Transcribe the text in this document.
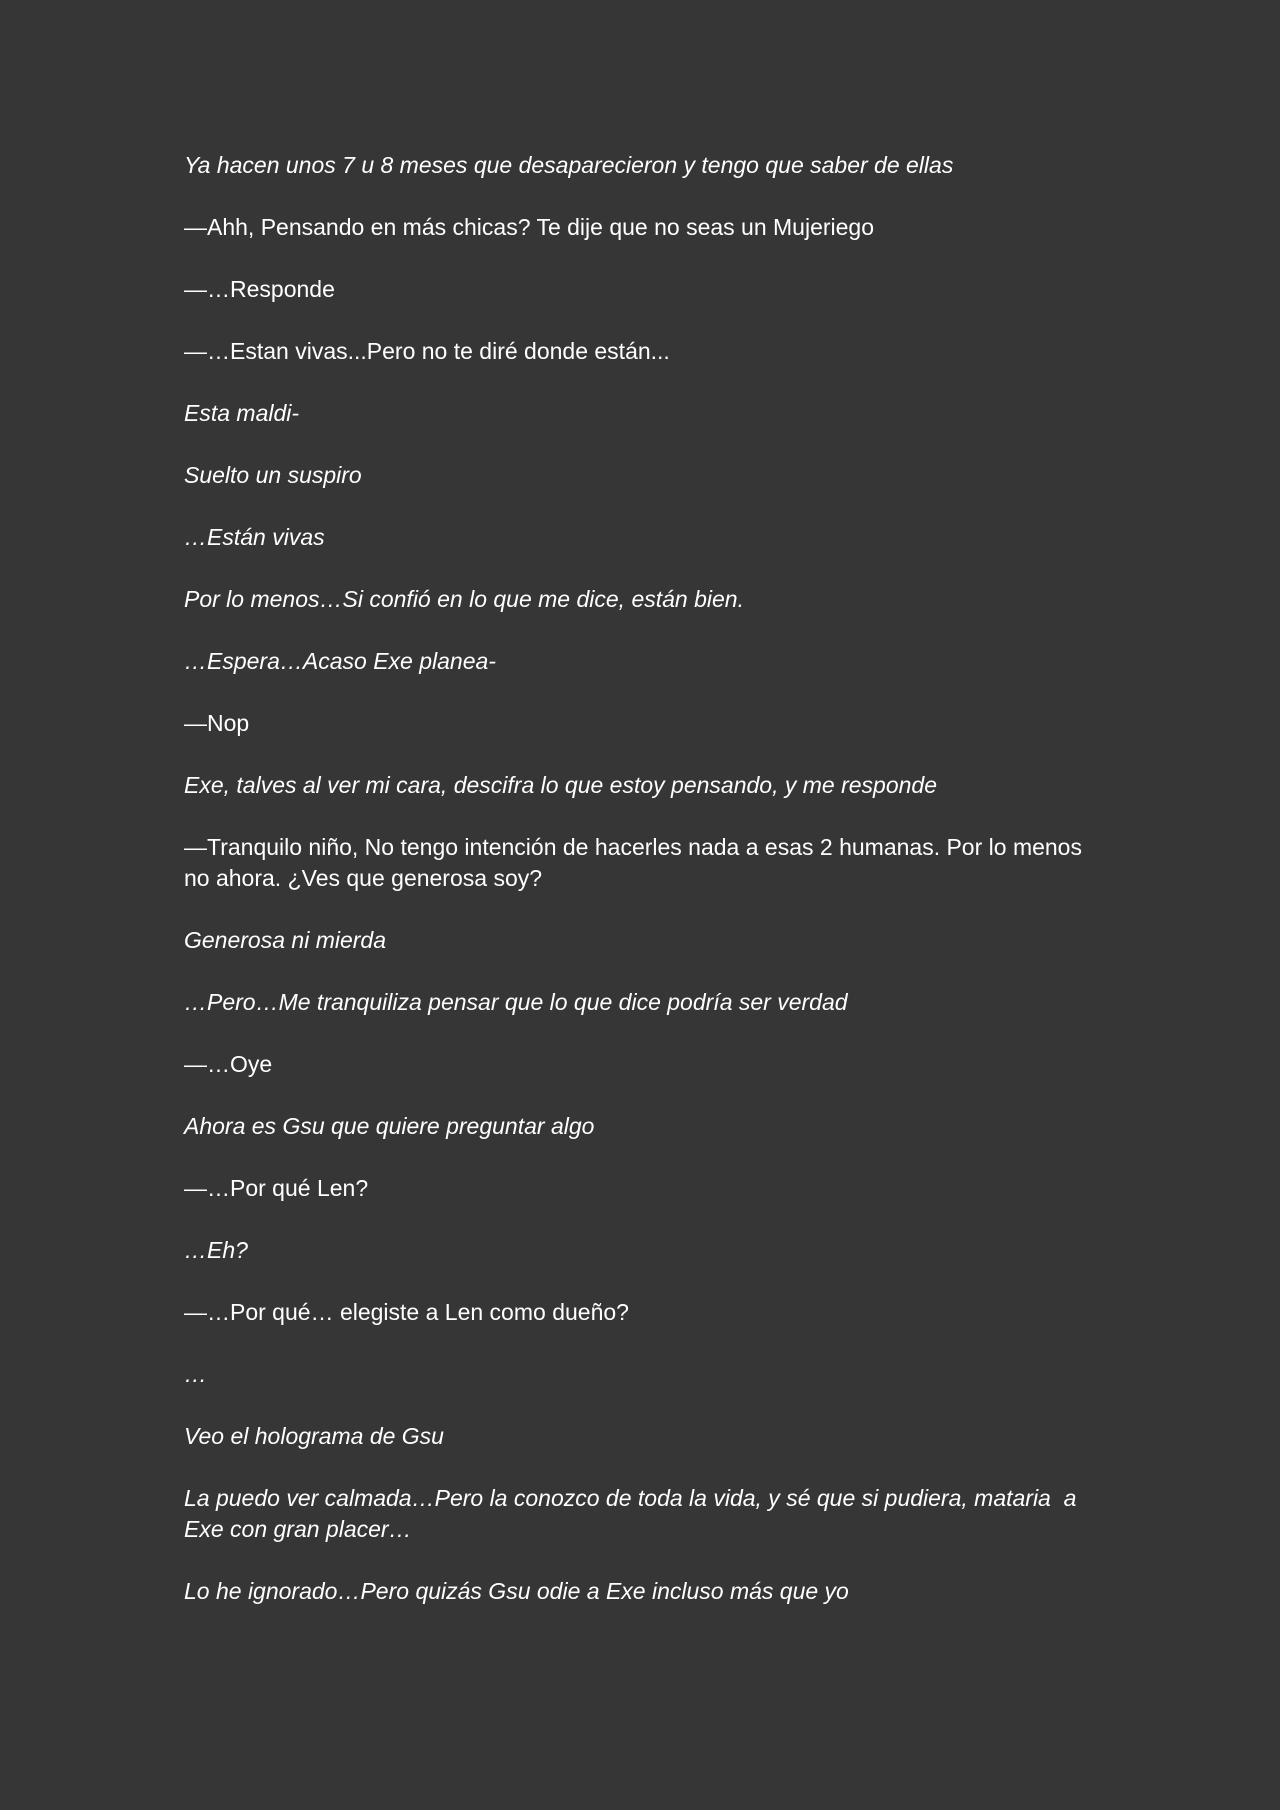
Ya hacen unos 7 u 8 meses que desaparecieron y tengo que saber de ellas

—Ahh, Pensando en más chicas? Te dije que no seas un Mujeriego

—…Responde

—…Estan vivas...Pero no te diré donde están...

Esta maldi-

Suelto un suspiro

…Están vivas

Por lo menos…Si confió en lo que me dice, están bien.

…Espera…Acaso Exe planea-

—Nop

Exe, talves al ver mi cara, descifra lo que estoy pensando, y me responde

—Tranquilo niño, No tengo intención de hacerles nada a esas 2 humanas. Por lo menos no ahora. ¿Ves que generosa soy?

Generosa ni mierda

…Pero…Me tranquiliza pensar que lo que dice podría ser verdad

—…Oye

Ahora es Gsu que quiere preguntar algo

—…Por qué Len?

…Eh?

—…Por qué… elegiste a Len como dueño?

…

Veo el holograma de Gsu

La puedo ver calmada…Pero la conozco de toda la vida, y sé que si pudiera, mataria  a Exe con gran placer…

Lo he ignorado…Pero quizás Gsu odie a Exe incluso más que yo
